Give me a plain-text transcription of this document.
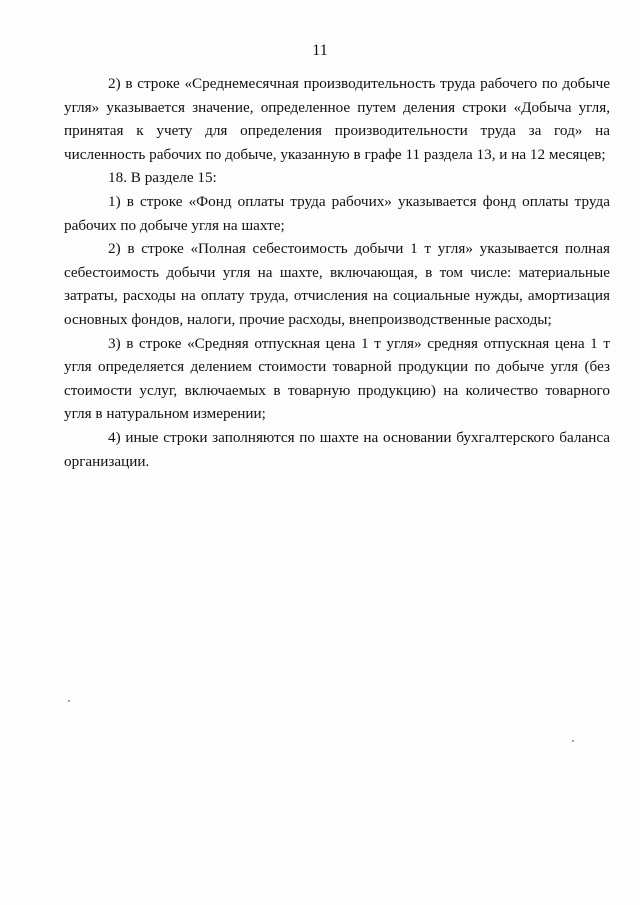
11

2) в строке «Среднемесячная производительность труда рабочего по добыче угля» указывается значение, определенное путем деления строки «Добыча угля, принятая к учету для определения производительности труда за год» на численность рабочих по добыче, указанную в графе 11 раздела 13, и на 12 месяцев;

18. В разделе 15:

1) в строке «Фонд оплаты труда рабочих» указывается фонд оплаты труда рабочих по добыче угля на шахте;

2) в строке «Полная себестоимость добычи 1 т угля» указывается полная себестоимость добычи угля на шахте, включающая, в том числе: материальные затраты, расходы на оплату труда, отчисления на социальные нужды, амортизация основных фондов, налоги, прочие расходы, внепроизводственные расходы;

3) в строке «Средняя отпускная цена 1 т угля» средняя отпускная цена 1 т угля определяется делением стоимости товарной продукции по добыче угля (без стоимости услуг, включаемых в товарную продукцию) на количество товарного угля в натуральном измерении;

4) иные строки заполняются по шахте на основании бухгалтерского баланса организации.
